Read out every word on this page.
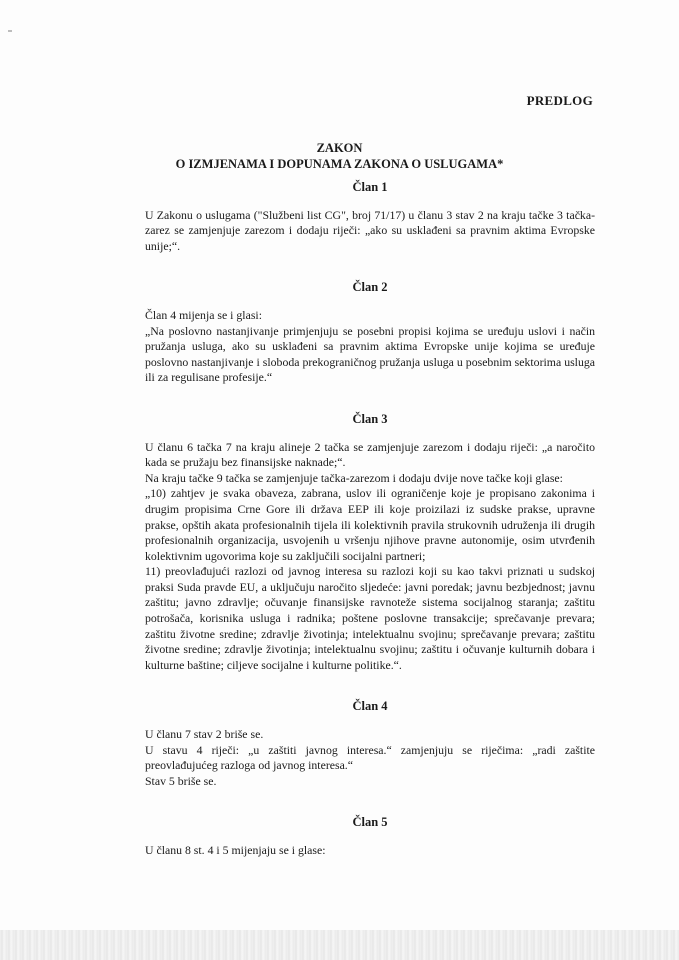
PREDLOG
ZAKON
O IZMJENAMA I DOPUNAMA ZAKONA O USLUGAMA*
Član 1

U Zakonu o uslugama ("Službeni list CG", broj 71/17) u članu 3 stav 2 na kraju tačke 3 tačka-zarez se zamjenjuje zarezom i dodaju riječi: „ako su usklađeni sa pravnim aktima Evropske unije;“.

Član 2

Član 4 mijenja se i glasi:

„Na poslovno nastanjivanje primjenjuju se posebni propisi kojima se uređuju uslovi i način pružanja usluga, ako su usklađeni sa pravnim aktima Evropske unije kojima se uređuje poslovno nastanjivanje i sloboda prekograničnog pružanja usluga u posebnim sektorima usluga ili za regulisane profesije.“

Član 3

U članu 6 tačka 7 na kraju alineje 2 tačka se zamjenjuje zarezom i dodaju riječi: „a naročito kada se pružaju bez finansijske naknade;“.

Na kraju tačke 9 tačka se zamjenjuje tačka-zarezom i dodaju dvije nove tačke koji glase:

„10) zahtjev je svaka obaveza, zabrana, uslov ili ograničenje koje je propisano zakonima i drugim propisima Crne Gore ili država EEP ili koje proizilazi iz sudske prakse, upravne prakse, opštih akata profesionalnih tijela ili kolektivnih pravila strukovnih udruženja ili drugih profesionalnih organizacija, usvojenih u vršenju njihove pravne autonomije, osim utvrđenih kolektivnim ugovorima koje su zaključili socijalni partneri;

11) preovlađujući razlozi od javnog interesa su razlozi koji su kao takvi priznati u sudskoj praksi Suda pravde EU, a uključuju naročito sljedeće: javni poredak; javnu bezbjednost; javnu zaštitu; javno zdravlje; očuvanje finansijske ravnoteže sistema socijalnog staranja; zaštitu potrošača, korisnika usluga i radnika; poštene poslovne transakcije; sprečavanje prevara; zaštitu životne sredine; zdravlje životinja; intelektualnu svojinu; sprečavanje prevara; zaštitu životne sredine; zdravlje životinja; intelektualnu svojinu; zaštitu i očuvanje kulturnih dobara i kulturne baštine; ciljeve socijalne i kulturne politike.“.

Član 4

U članu 7 stav 2 briše se.

U stavu 4 riječi: „u zaštiti javnog interesa.“ zamjenjuju se riječima: „radi zaštite preovlađujućeg razloga od javnog interesa.“

Stav 5 briše se.

Član 5

U članu 8 st. 4 i 5 mijenjaju se i glase:
